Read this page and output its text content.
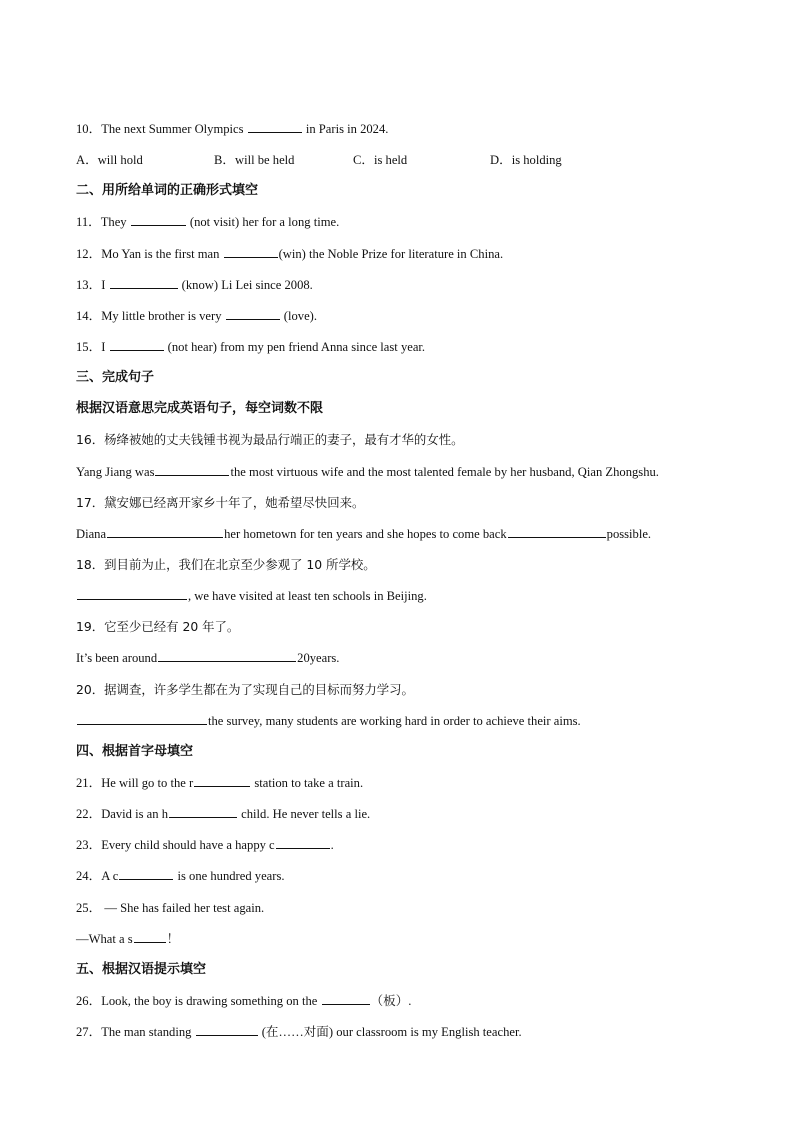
10．The next Summer Olympics	in Paris in 2024.
A．will hold	B．will be held	C．is held	D．is holding
二、用所给单词的正确形式填空
11．They	(not visit) her for a long time.
12．Mo Yan is the first man	(win) the Noble Prize for literature in China.
13．I	(know) Li Lei since 2008.
14．My little brother is very	(love).
15．I	(not hear) from my pen friend Anna since last year.
三、完成句子
根据汉语意思完成英语句子，每空词数不限
16．杨绛被她的丈夫钱锺书视为最品行端正的妻子，最有才华的女性。
Yang Jiang was	the most virtuous wife and the most talented female by her husband, Qian Zhongshu.
17．黛安娜已经离开家乡十年了，她希望尽快回来。
Diana	her hometown for ten years and she hopes to come back	possible.
18．到目前为止，我们在北京至少参观了 10 所学校。
, we have visited at least ten schools in Beijing.
19．它至少已经有 20 年了。
It’s been around	20years.
20．据调查，许多学生都在为了实现自己的目标而努力学习。
the survey, many students are working hard in order to achieve their aims.
四、根据首字母填空
21．He will go to the r	station to take a train.
22．David is an h	child. He never tells a lie.
23．Every child should have a happy c	.
24．A c	is one hundred years.
25． — She has failed her test again.
—What a s	！
五、根据汉语提示填空
26．Look, the boy is drawing something on the	（板）.
27．The man standing	(在……对面) our classroom is my English teacher.
